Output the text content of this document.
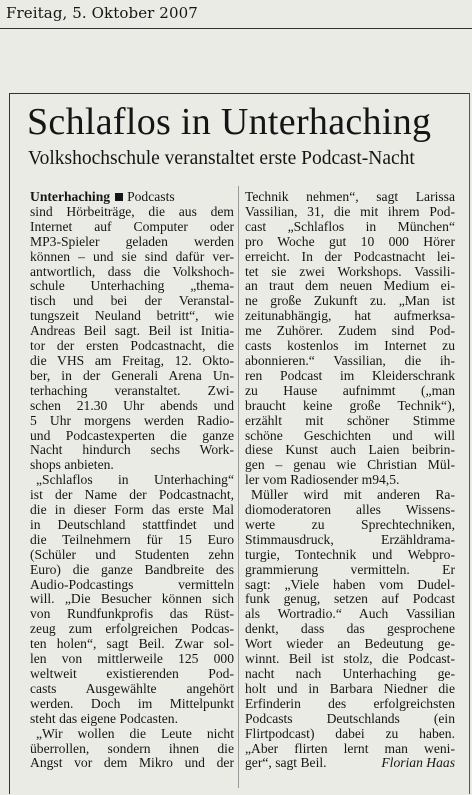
Freitag, 5. Oktober 2007
Schlaflos in Unterhaching
Volkshochschule veranstaltet erste Podcast-Nacht

Unterhaching Podcasts

sind Hörbeiträge, die aus dem

Internet auf Computer oder

MP3-Spieler geladen werden

können – und sie sind dafür ver-

antwortlich, dass die Volkshoch-

schule Unterhaching „thema-

tisch und bei der Veranstal-

tungszeit Neuland betritt“, wie

Andreas Beil sagt. Beil ist Initia-

tor der ersten Podcastnacht, die

die VHS am Freitag, 12. Okto-

ber, in der Generali Arena Un-

terhaching veranstaltet. Zwi-

schen 21.30 Uhr abends und

5 Uhr morgens werden Radio-

und Podcastexperten die ganze

Nacht hindurch sechs Work-

shops anbieten.

„Schlaflos in Unterhaching“

ist der Name der Podcastnacht,

die in dieser Form das erste Mal

in Deutschland stattfindet und

die Teilnehmern für 15 Euro

(Schüler und Studenten zehn

Euro) die ganze Bandbreite des

Audio-Podcastings vermitteln

will. „Die Besucher können sich

von Rundfunkprofis das Rüst-

zeug zum erfolgreichen Podcas-

ten holen“, sagt Beil. Zwar sol-

len von mittlerweile 125 000

weltweit existierenden Pod-

casts Ausgewählte angehört

werden. Doch im Mittelpunkt

steht das eigene Podcasten.

„Wir wollen die Leute nicht

überrollen, sondern ihnen die

Angst vor dem Mikro und der

Technik nehmen“, sagt Larissa

Vassilian, 31, die mit ihrem Pod-

cast „Schlaflos in München“

pro Woche gut 10 000 Hörer

erreicht. In der Podcastnacht lei-

tet sie zwei Workshops. Vassili-

an traut dem neuen Medium ei-

ne große Zukunft zu. „Man ist

zeitunabhängig, hat aufmerksa-

me Zuhörer. Zudem sind Pod-

casts kostenlos im Internet zu

abonnieren.“ Vassilian, die ih-

ren Podcast im Kleiderschrank

zu Hause aufnimmt („man

braucht keine große Technik“),

erzählt mit schöner Stimme

schöne Geschichten und will

diese Kunst auch Laien beibrin-

gen – genau wie Christian Mül-

ler vom Radiosender m94,5.

Müller wird mit anderen Ra-

diomoderatoren alles Wissens-

werte zu Sprechtechniken,

Stimmausdruck, Erzähldrama-

turgie, Tontechnik und Webpro-

grammierung vermitteln. Er

sagt: „Viele haben vom Dudel-

funk genug, setzen auf Podcast

als Wortradio.“ Auch Vassilian

denkt, dass das gesprochene

Wort wieder an Bedeutung ge-

winnt. Beil ist stolz, die Podcast-

nacht nach Unterhaching ge-

holt und in Barbara Niedner die

Erfinderin des erfolgreichsten

Podcasts Deutschlands (ein

Flirtpodcast) dabei zu haben.

„Aber flirten lernt man weni-

ger“, sagt Beil.	Florian Haas
